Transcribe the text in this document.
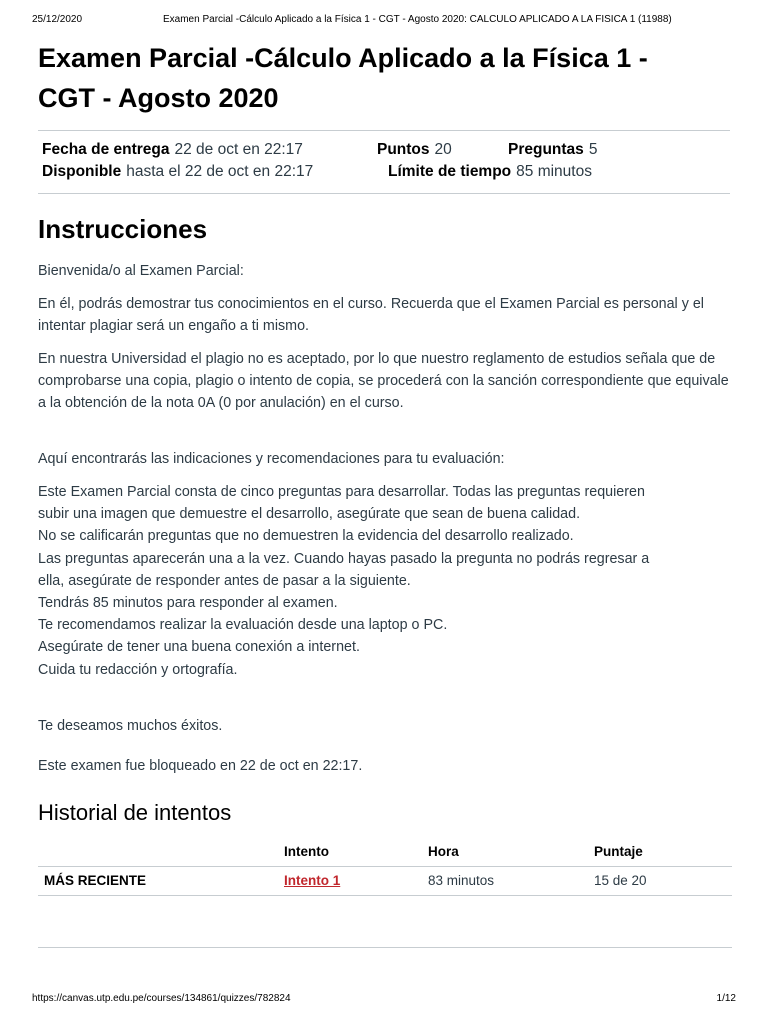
25/12/2020	Examen Parcial -Cálculo Aplicado a la Física 1 - CGT - Agosto 2020: CALCULO APLICADO A LA FISICA 1 (11988)
Examen Parcial -Cálculo Aplicado a la Física 1 -
CGT - Agosto 2020
Fecha de entrega 22 de oct en 22:17	Puntos 20	Preguntas 5
Disponible hasta el 22 de oct en 22:17	Límite de tiempo 85 minutos
Instrucciones

Bienvenida/o al Examen Parcial:

En él, podrás demostrar tus conocimientos en el curso. Recuerda que el Examen Parcial es personal y el intentar plagiar será un engaño a ti mismo.

En nuestra Universidad el plagio no es aceptado, por lo que nuestro reglamento de estudios señala que de comprobarse una copia, plagio o intento de copia, se procederá con la sanción correspondiente que equivale a la obtención de la nota 0A (0 por anulación) en el curso.

Aquí encontrarás las indicaciones y recomendaciones para tu evaluación:

Este Examen Parcial consta de cinco preguntas para desarrollar. Todas las preguntas requieren
subir una imagen que demuestre el desarrollo, asegúrate que sean de buena calidad.
No se calificarán preguntas que no demuestren la evidencia del desarrollo realizado.
Las preguntas aparecerán una a la vez. Cuando hayas pasado la pregunta no podrás regresar a
ella, asegúrate de responder antes de pasar a la siguiente.
Tendrás 85 minutos para responder al examen.
Te recomendamos realizar la evaluación desde una laptop o PC.
Asegúrate de tener una buena conexión a internet.
Cuida tu redacción y ortografía.

Te deseamos muchos éxitos.

Este examen fue bloqueado en 22 de oct en 22:17.

Historial de intentos
	Intento	Hora	Puntaje
MÁS RECIENTE	Intento 1	83 minutos	15 de 20
https://canvas.utp.edu.pe/courses/134861/quizzes/782824	1/12
